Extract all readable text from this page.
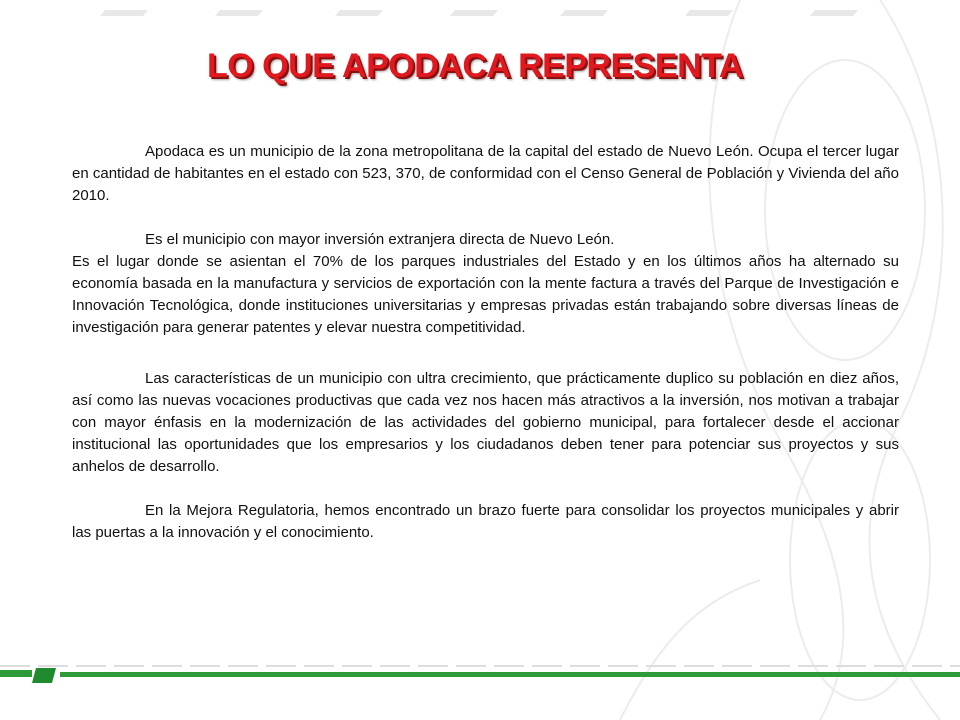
LO QUE APODACA REPRESENTA

Apodaca es un municipio de la zona metropolitana de la capital del estado de Nuevo León. Ocupa el tercer lugar en cantidad de habitantes en el estado con 523, 370, de conformidad con el Censo General de Población y Vivienda del año 2010.

Es el municipio con mayor inversión extranjera directa de Nuevo León.

Es el lugar donde se asientan el 70% de los parques industriales del Estado y en los últimos años ha alternado su economía basada en la manufactura y servicios de exportación con la mente factura a través del Parque de Investigación e Innovación Tecnológica, donde instituciones universitarias y empresas privadas están trabajando sobre diversas líneas de investigación para generar patentes y elevar nuestra competitividad.

Las características de un municipio con ultra crecimiento, que prácticamente duplico su población en diez años, así como las nuevas vocaciones productivas que cada vez nos hacen más atractivos a la inversión, nos motivan a trabajar con mayor énfasis en la modernización de las actividades del gobierno municipal, para fortalecer desde el accionar institucional las oportunidades que los empresarios y los ciudadanos deben tener para potenciar sus proyectos y sus anhelos de desarrollo.

En la Mejora Regulatoria, hemos encontrado un brazo fuerte para consolidar los proyectos municipales y abrir las puertas a la innovación y el conocimiento.
